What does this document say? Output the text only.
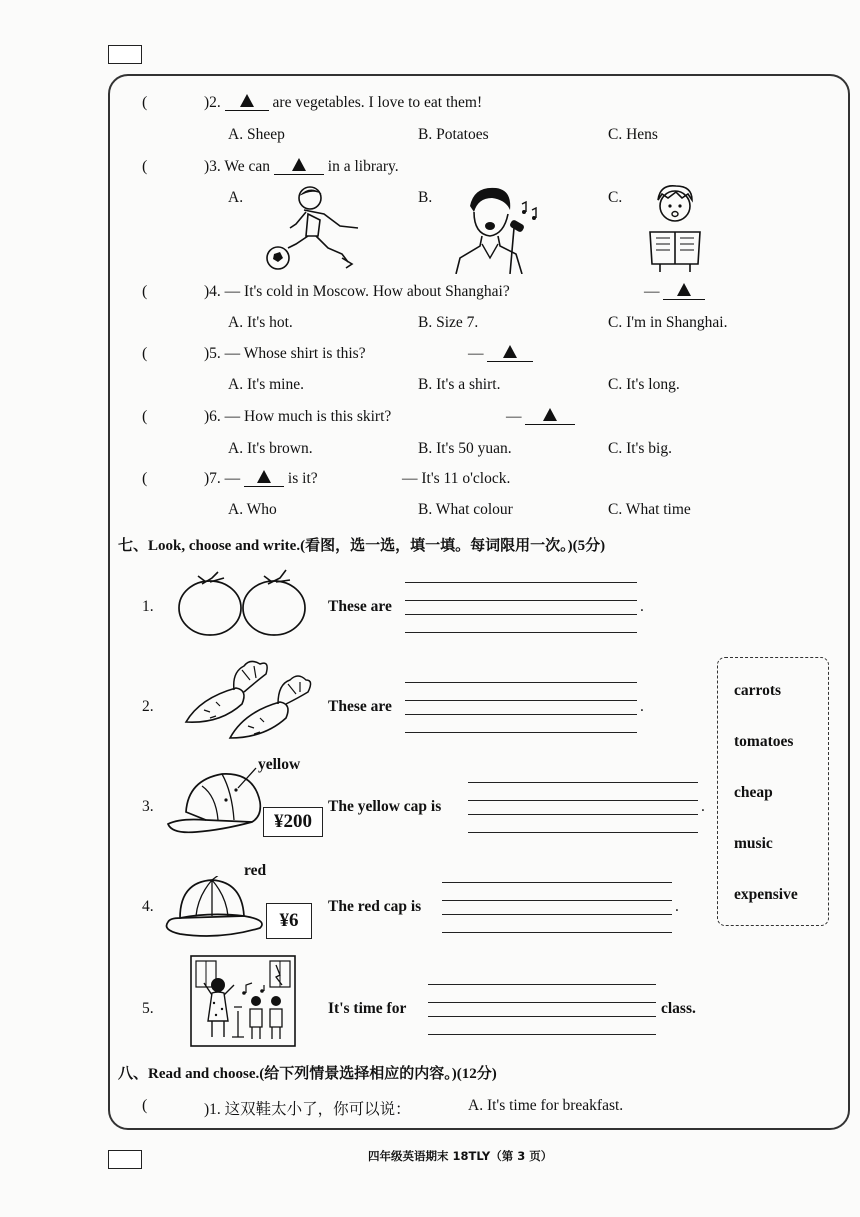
(	)2.	are vegetables. I love to eat them!
A. Sheep	B. Potatoes	C. Hens
(	)3. We can	in a library.
A.	B.	C.
(	)4. — It's cold in Moscow. How about Shanghai?	—
A. It's hot.	B. Size 7.	C. I'm in Shanghai.
(	)5. — Whose shirt is this?	—
A. It's mine.	B. It's a shirt.	C. It's long.
(	)6. — How much is this skirt?	—
A. It's brown.	B. It's 50 yuan.	C. It's big.
(	)7. —	is it?	— It's 11 o'clock.
A. Who	B. What colour	C. What time
七、Look, choose and write.(看图，选一选，填一填。每词限用一次。)(5分)
1.	These are	.
2.	These are	.
3.
yellow
¥200
The yellow cap is	.
4.
red
¥6
The red cap is	.
5.	It's time for	class.
carrots
tomatoes
cheap
music
expensive
八、Read and choose.(给下列情景选择相应的内容。)(12分)
(	)1. 这双鞋太小了，你可以说：	A. It's time for breakfast.
四年级英语期末 18TLY（第 3 页）
